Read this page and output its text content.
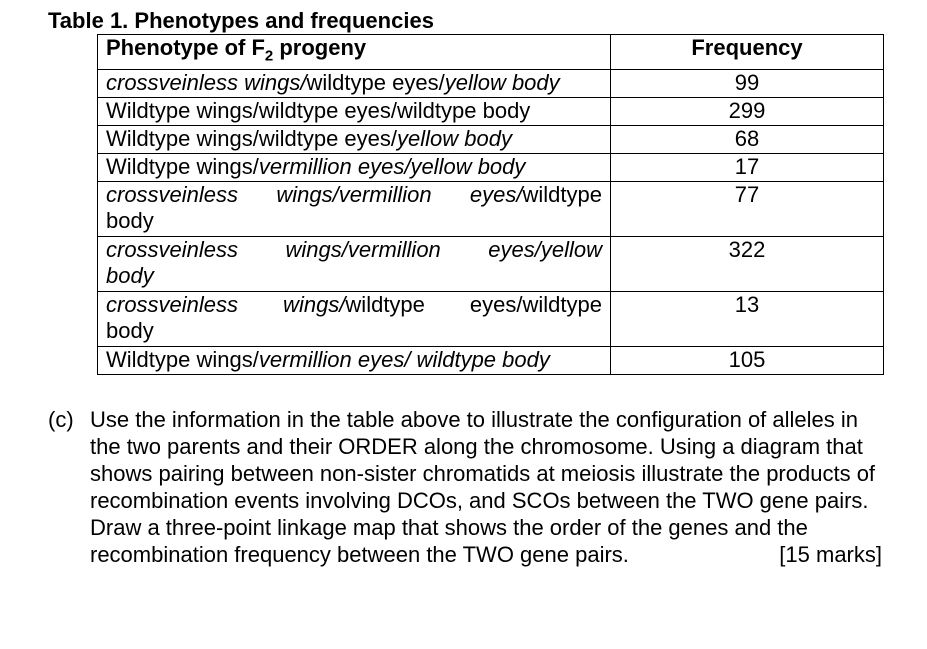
Table 1. Phenotypes and frequencies
Phenotype of $F_2$ progeny	Frequency

crossveinless wings/wildtype eyes/yellow body	99

Wildtype wings/wildtype eyes/wildtype body	299

Wildtype wings/wildtype eyes/yellow body	68

Wildtype wings/vermillion eyes/yellow body	17

crossveinless wings/vermillion eyes/wildtype
body	77

crossveinless wings/vermillion eyes/yellow
body	322

crossveinless wings/wildtype eyes/wildtype
body	13

Wildtype wings/vermillion eyes/ wildtype body	105
(c) Use the information in the table above to illustrate the configuration of alleles in the two parents and their ORDER along the chromosome. Using a diagram that shows pairing between non-sister chromatids at meiosis illustrate the products of recombination events involving DCOs, and SCOs between the TWO gene pairs. Draw a three-point linkage map that shows the order of the genes and the recombination frequency between the TWO gene pairs.	[15 marks]
